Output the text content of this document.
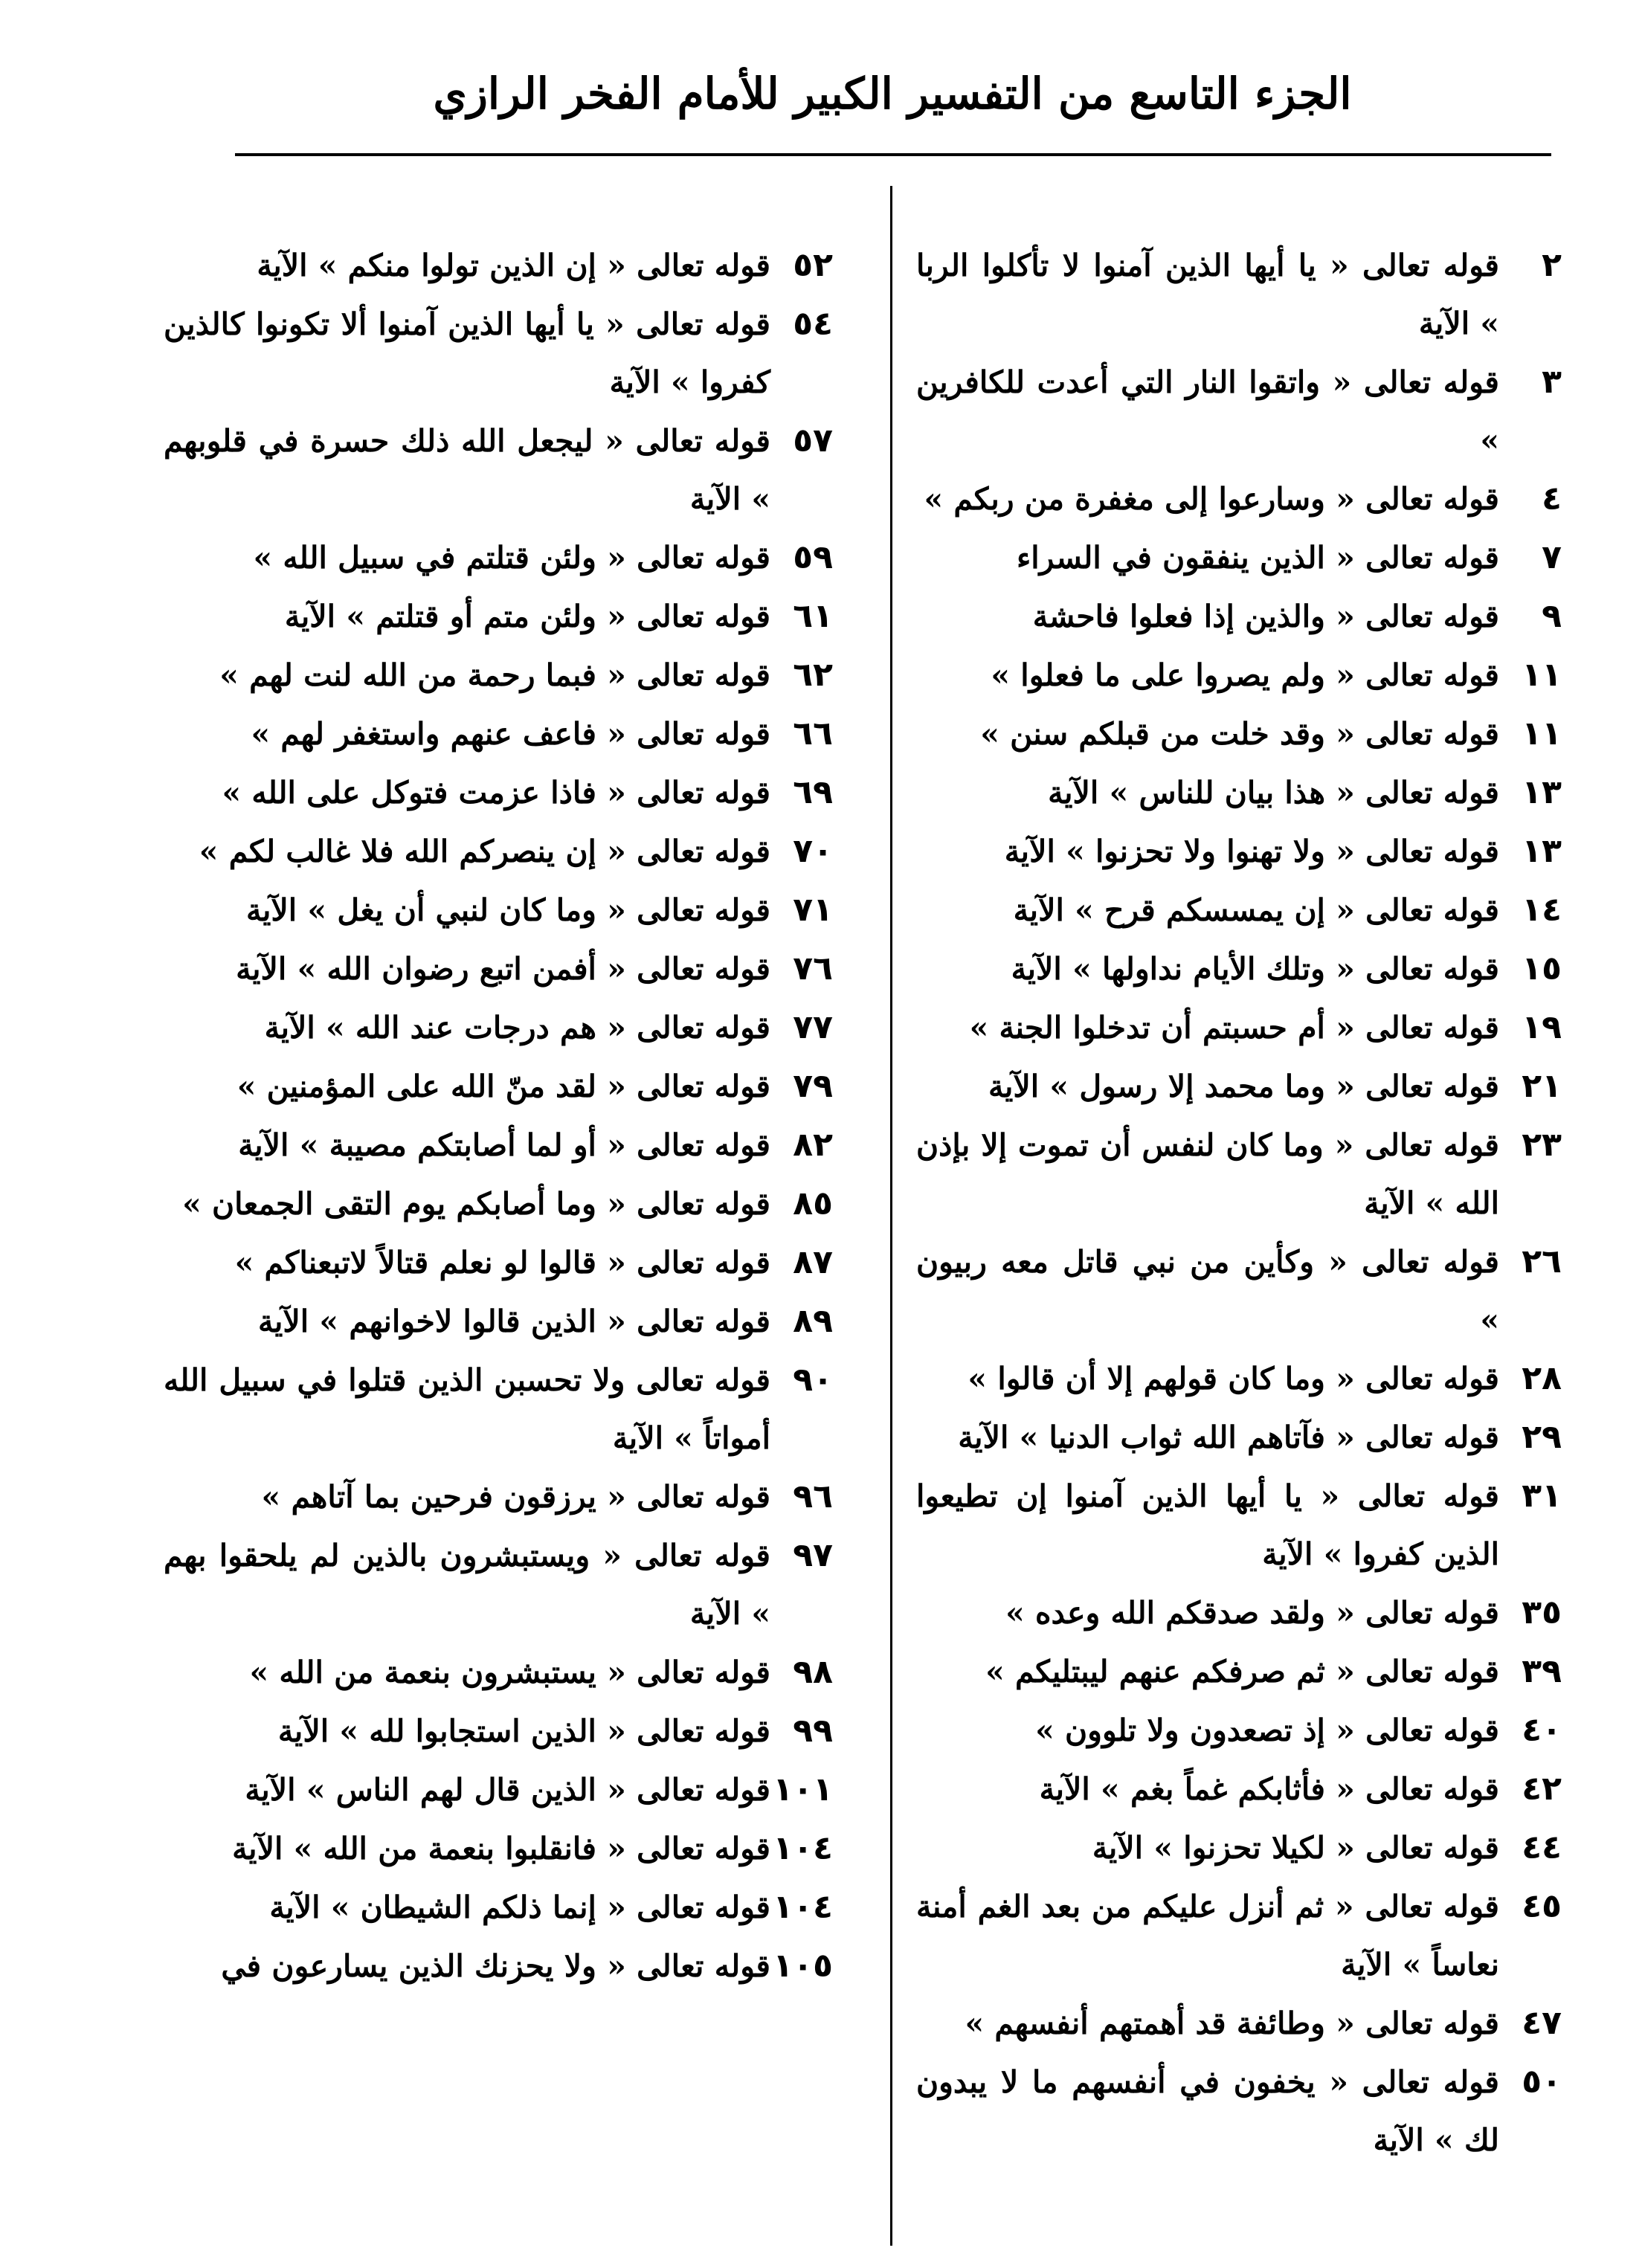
الجزء التاسع من التفسير الكبير للأمام الفخر الرازي
٢
قوله تعالى « يا أيها الذين آمنوا لا تأكلوا الربا » الآية
٣
قوله تعالى « واتقوا النار التي أعدت للكافرين »
٤
قوله تعالى « وسارعوا إلى مغفرة من ربكم »
٧
قوله تعالى « الذين ينفقون في السراء
٩
قوله تعالى « والذين إذا فعلوا فاحشة
١١
قوله تعالى « ولم يصروا على ما فعلوا »
١١
قوله تعالى « وقد خلت من قبلكم سنن »
١٣
قوله تعالى « هذا بيان للناس » الآية
١٣
قوله تعالى « ولا تهنوا ولا تحزنوا » الآية
١٤
قوله تعالى « إن يمسسكم قرح » الآية
١٥
قوله تعالى « وتلك الأيام نداولها » الآية
١٩
قوله تعالى « أم حسبتم أن تدخلوا الجنة »
٢١
قوله تعالى « وما محمد إلا رسول » الآية
٢٣
قوله تعالى « وما كان لنفس أن تموت إلا بإذن الله » الآية
٢٦
قوله تعالى « وكأين من نبي قاتل معه ربيون »
٢٨
قوله تعالى « وما كان قولهم إلا أن قالوا »
٢٩
قوله تعالى « فآتاهم الله ثواب الدنيا » الآية
٣١
قوله تعالى « يا أيها الذين آمنوا إن تطيعوا الذين كفروا » الآية
٣٥
قوله تعالى « ولقد صدقكم الله وعده »
٣٩
قوله تعالى « ثم صرفكم عنهم ليبتليكم »
٤٠
قوله تعالى « إذ تصعدون ولا تلوون »
٤٢
قوله تعالى « فأثابكم غماً بغم » الآية
٤٤
قوله تعالى « لكيلا تحزنوا » الآية
٤٥
قوله تعالى « ثم أنزل عليكم من بعد الغم أمنة نعاساً » الآية
٤٧
قوله تعالى « وطائفة قد أهمتهم أنفسهم »
٥٠
قوله تعالى « يخفون في أنفسهم ما لا يبدون لك » الآية
٥٢
قوله تعالى « إن الذين تولوا منكم » الآية
٥٤
قوله تعالى « يا أيها الذين آمنوا ألا تكونوا كالذين كفروا » الآية
٥٧
قوله تعالى « ليجعل الله ذلك حسرة في قلوبهم » الآية
٥٩
قوله تعالى « ولئن قتلتم في سبيل الله »
٦١
قوله تعالى « ولئن متم أو قتلتم » الآية
٦٢
قوله تعالى « فبما رحمة من الله لنت لهم »
٦٦
قوله تعالى « فاعف عنهم واستغفر لهم »
٦٩
قوله تعالى « فاذا عزمت فتوكل على الله »
٧٠
قوله تعالى « إن ينصركم الله فلا غالب لكم »
٧١
قوله تعالى « وما كان لنبي أن يغل » الآية
٧٦
قوله تعالى « أفمن اتبع رضوان الله » الآية
٧٧
قوله تعالى « هم درجات عند الله » الآية
٧٩
قوله تعالى « لقد منّ الله على المؤمنين »
٨٢
قوله تعالى « أو لما أصابتكم مصيبة » الآية
٨٥
قوله تعالى « وما أصابكم يوم التقى الجمعان »
٨٧
قوله تعالى « قالوا لو نعلم قتالاً لاتبعناكم »
٨٩
قوله تعالى « الذين قالوا لاخوانهم » الآية
٩٠
قوله تعالى ولا تحسبن الذين قتلوا في سبيل الله أمواتاً » الآية
٩٦
قوله تعالى « يرزقون فرحين بما آتاهم »
٩٧
قوله تعالى « ويستبشرون بالذين لم يلحقوا بهم » الآية
٩٨
قوله تعالى « يستبشرون بنعمة من الله »
٩٩
قوله تعالى « الذين استجابوا لله » الآية
١٠١
قوله تعالى « الذين قال لهم الناس » الآية
١٠٤
قوله تعالى « فانقلبوا بنعمة من الله » الآية
١٠٤
قوله تعالى « إنما ذلكم الشيطان » الآية
١٠٥
قوله تعالى « ولا يحزنك الذين يسارعون في
